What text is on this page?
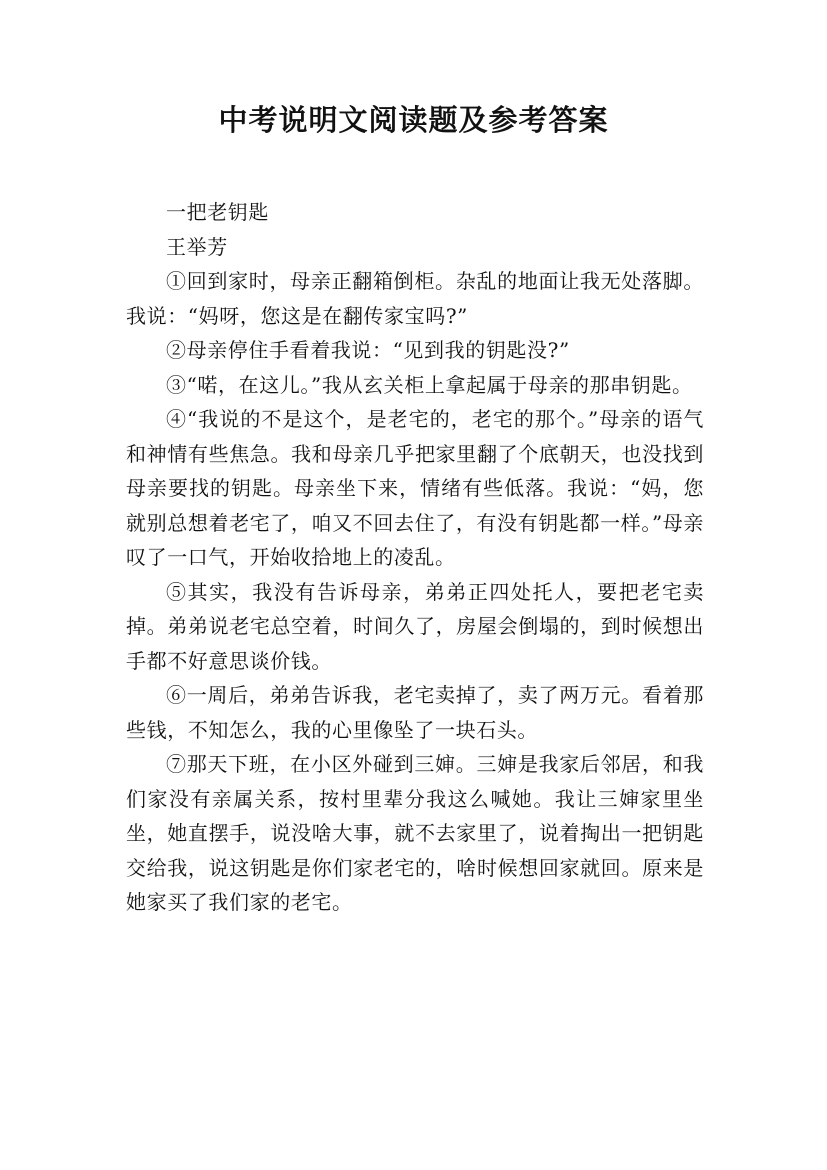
中考说明文阅读题及参考答案

一把老钥匙

王举芳

①回到家时，母亲正翻箱倒柜。杂乱的地面让我无处落脚。我说：“妈呀，您这是在翻传家宝吗?”

②母亲停住手看着我说：“见到我的钥匙没?”

③“喏，在这儿。”我从玄关柜上拿起属于母亲的那串钥匙。

④“我说的不是这个，是老宅的，老宅的那个。”母亲的语气和神情有些焦急。我和母亲几乎把家里翻了个底朝天，也没找到母亲要找的钥匙。母亲坐下来，情绪有些低落。我说：“妈，您就别总想着老宅了，咱又不回去住了，有没有钥匙都一样。”母亲叹了一口气，开始收拾地上的凌乱。

⑤其实，我没有告诉母亲，弟弟正四处托人，要把老宅卖掉。弟弟说老宅总空着，时间久了，房屋会倒塌的，到时候想出手都不好意思谈价钱。

⑥一周后，弟弟告诉我，老宅卖掉了，卖了两万元。看着那些钱，不知怎么，我的心里像坠了一块石头。

⑦那天下班，在小区外碰到三婶。三婶是我家后邻居，和我们家没有亲属关系，按村里辈分我这么喊她。我让三婶家里坐坐，她直摆手，说没啥大事，就不去家里了，说着掏出一把钥匙交给我，说这钥匙是你们家老宅的，啥时候想回家就回。原来是她家买了我们家的老宅。
